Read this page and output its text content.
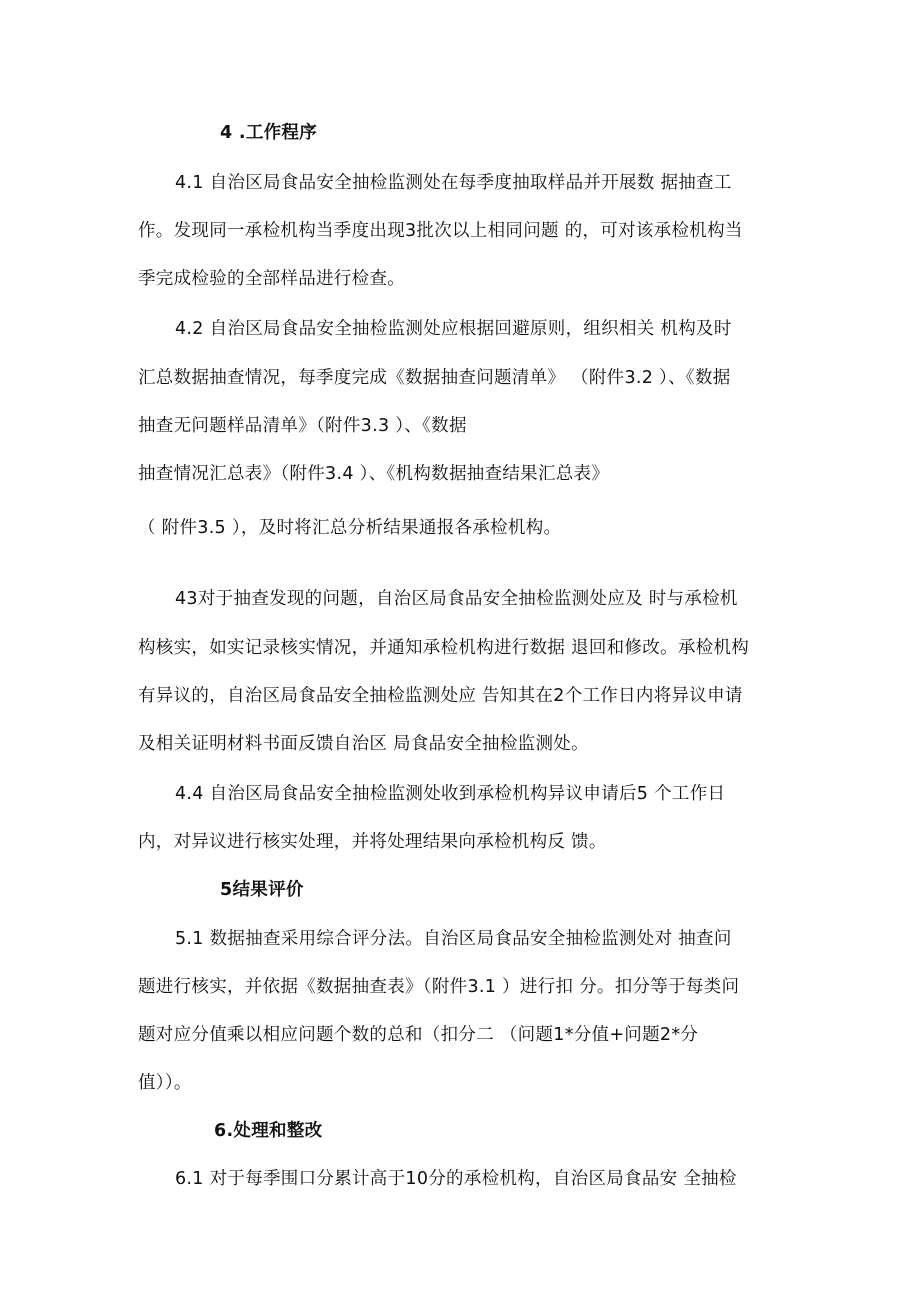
4 .工作程序
4.1 自治区局食品安全抽检监测处在每季度抽取样品并开展数 据抽查工
作。发现同一承检机构当季度出现3批次以上相同问题 的，可对该承检机构当
季完成检验的全部样品进行检查。
4.2 自治区局食品安全抽检监测处应根据回避原则，组织相关 机构及时
汇总数据抽查情况，每季度完成《数据抽查问题清单》 （附件3.2 ）、《数据
抽查无问题样品清单》（附件3.3 ）、《数据
抽查情况汇总表》（附件3.4 ）、《机构数据抽查结果汇总表》
（ 附件3.5 ），及时将汇总分析结果通报各承检机构。
43对于抽查发现的问题，自治区局食品安全抽检监测处应及 时与承检机
构核实，如实记录核实情况，并通知承检机构进行数据 退回和修改。承检机构
有异议的，自治区局食品安全抽检监测处应 告知其在2个工作日内将异议申请
及相关证明材料书面反馈自治区 局食品安全抽检监测处。
4.4 自治区局食品安全抽检监测处收到承检机构异议申请后5 个工作日
内，对异议进行核实处理，并将处理结果向承检机构反 馈。
5结果评价
5.1 数据抽查采用综合评分法。自治区局食品安全抽检监测处对 抽查问
题进行核实，并依据《数据抽查表》（附件3.1 ）进行扣 分。扣分等于每类问
题对应分值乘以相应问题个数的总和（扣分二 （问题1*分值+问题2*分
值））。
6.处理和整改
6.1 对于每季围口分累计高于10分的承检机构，自治区局食品安 全抽检
